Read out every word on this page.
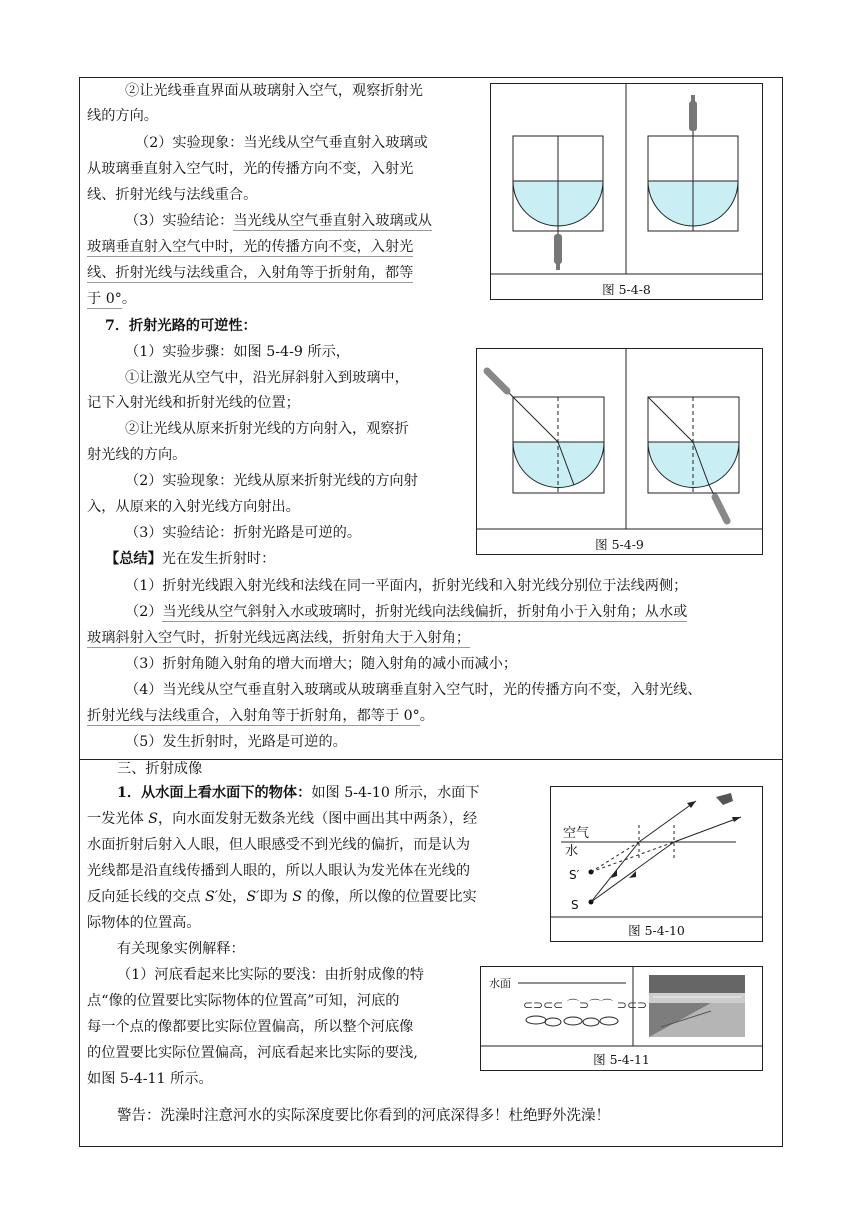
②让光线垂直界面从玻璃射入空气，观察折射光
线的方向。
（2）实验现象：当光线从空气垂直射入玻璃或
从玻璃垂直射入空气时，光的传播方向不变，入射光
线、折射光线与法线重合。
（3）实验结论：当光线从空气垂直射入玻璃或从
玻璃垂直射入空气中时，光的传播方向不变，入射光
线、折射光线与法线重合，入射角等于折射角，都等
于 0°。
图 5-4-8
7．折射光路的可逆性：
（1）实验步骤：如图 5-4-9 所示，
①让激光从空气中，沿光屏斜射入到玻璃中，
记下入射光线和折射光线的位置；
②让光线从原来折射光线的方向射入，观察折
射光线的方向。
（2）实验现象：光线从原来折射光线的方向射
入，从原来的入射光线方向射出。
（3）实验结论：折射光路是可逆的。
图 5-4-9
【总结】光在发生折射时：
（1）折射光线跟入射光线和法线在同一平面内，折射光线和入射光线分别位于法线两侧；
（2）当光线从空气斜射入水或玻璃时，折射光线向法线偏折，折射角小于入射角；从水或
玻璃斜射入空气时，折射光线远离法线，折射角大于入射角；
（3）折射角随入射角的增大而增大；随入射角的减小而减小；
（4）当光线从空气垂直射入玻璃或从玻璃垂直射入空气时，光的传播方向不变，入射光线、
折射光线与法线重合，入射角等于折射角，都等于 0°。
（5）发生折射时，光路是可逆的。
三、折射成像
1．从水面上看水面下的物体：如图 5-4-10 所示，水面下
一发光体 S，向水面发射无数条光线（图中画出其中两条），经
水面折射后射入人眼，但人眼感受不到光线的偏折，而是认为
光线都是沿直线传播到人眼的，所以人眼认为发光体在光线的
反向延长线的交点 S′处，S′即为 S 的像，所以像的位置要比实
际物体的位置高。
有关现象实例解释：
（1）河底看起来比实际的要浅：由折射成像的特
点“像的位置要比实际物体的位置高”可知，河底的
每一个点的像都要比实际位置偏高，所以整个河底像
的位置要比实际位置偏高，河底看起来比实际的要浅,
如图 5-4-11 所示。
空气
水
S′
S
图 5-4-10
水面
⊂⊃⊂⊂ ⌒⊃⌒⌒ ⊃⊂⊃
图 5-4-11
警告：洗澡时注意河水的实际深度要比你看到的河底深得多！杜绝野外洗澡！
